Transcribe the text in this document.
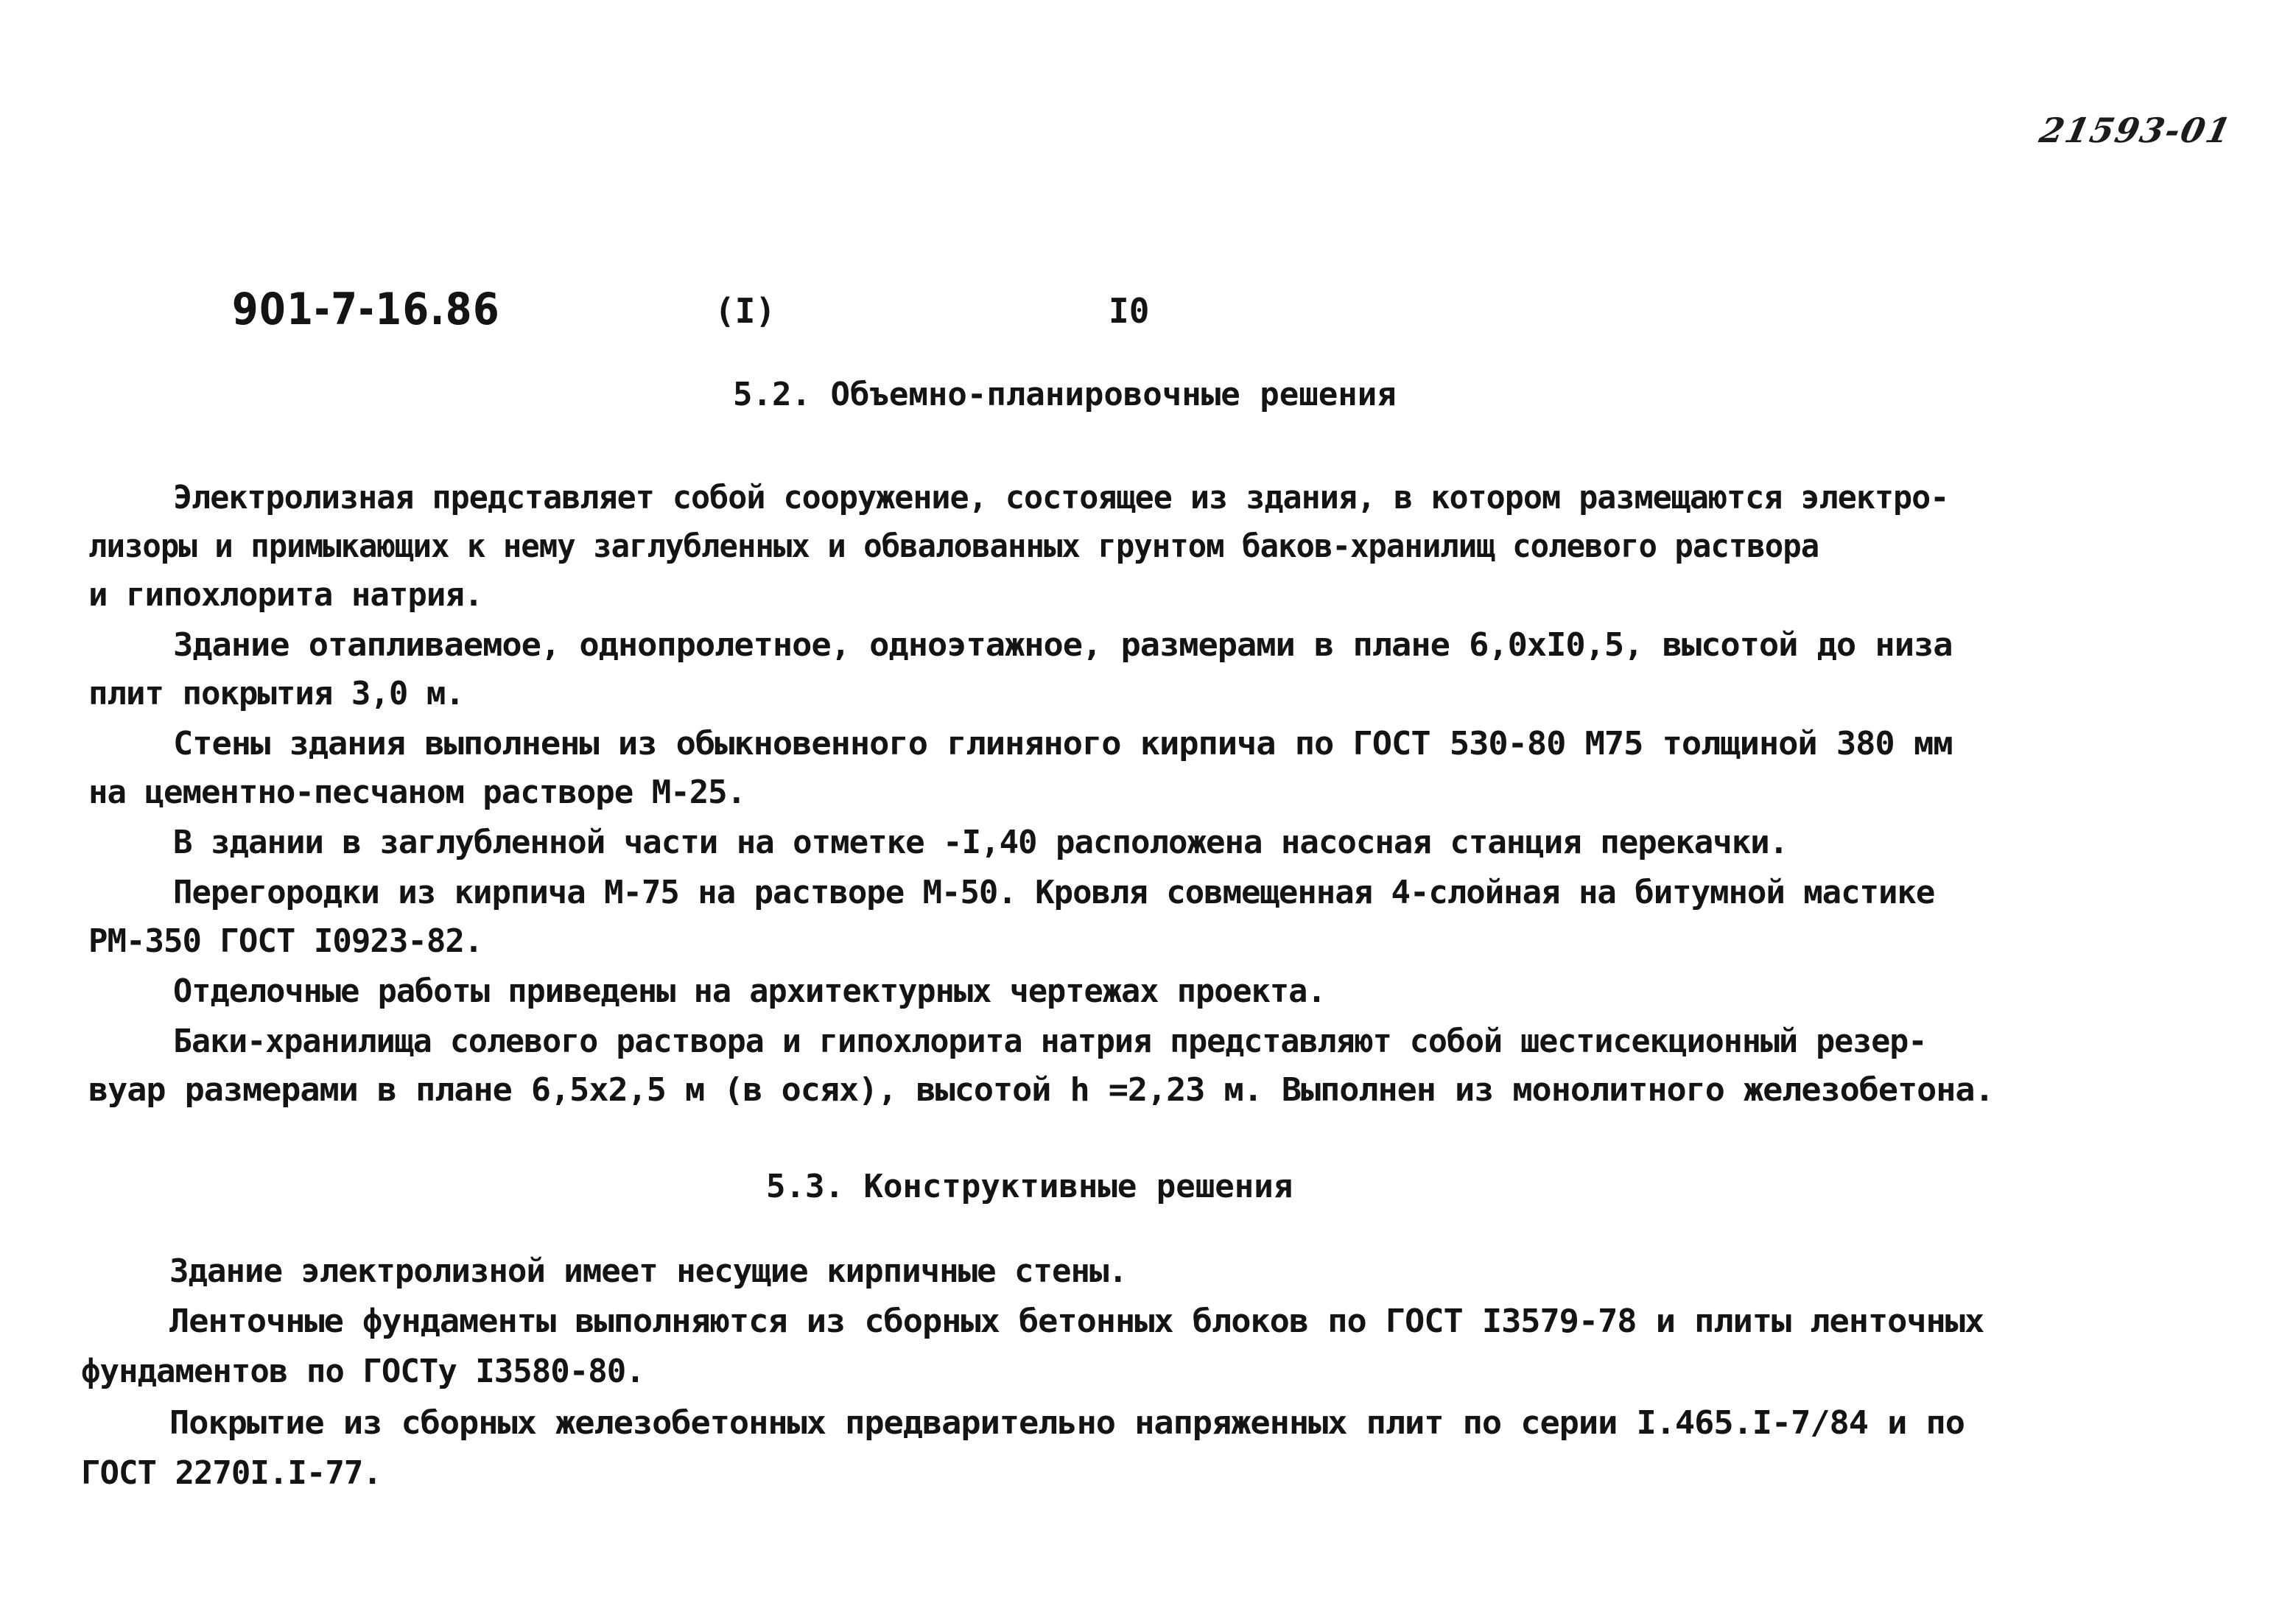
21593-01
901-7-16.86	(I)	I0
5.2. Объемно-планировочные решения
Электролизная представляет собой сооружение, состоящее из здания, в котором размещаются электро-
лизоры и примыкающих к нему заглубленных и обвалованных грунтом баков-хранилищ солевого раствора
и гипохлорита натрия.
Здание отапливаемое, однопролетное, одноэтажное, размерами в плане 6,0хI0,5, высотой до низа
плит покрытия 3,0 м.
Стены здания выполнены из обыкновенного глиняного кирпича по ГОСТ 530-80 М75 толщиной 380 мм
на цементно-песчаном растворе М-25.
В здании в заглубленной части на отметке -I,40 расположена насосная станция перекачки.
Перегородки из кирпича М-75 на растворе М-50. Кровля совмещенная 4-слойная на битумной мастике
РМ-350 ГОСТ I0923-82.
Отделочные работы приведены на архитектурных чертежах проекта.
Баки-хранилища солевого раствора и гипохлорита натрия представляют собой шестисекционный резер-
вуар размерами в плане 6,5х2,5 м (в осях), высотой h =2,23 м. Выполнен из монолитного железобетона.
5.3. Конструктивные решения
Здание электролизной имеет несущие кирпичные стены.
Ленточные фундаменты выполняются из сборных бетонных блоков по ГОСТ I3579-78 и плиты ленточных
фундаментов по ГОСТу I3580-80.
Покрытие из сборных железобетонных предварительно напряженных плит по серии I.465.I-7/84 и по
ГОСТ 2270I.I-77.
